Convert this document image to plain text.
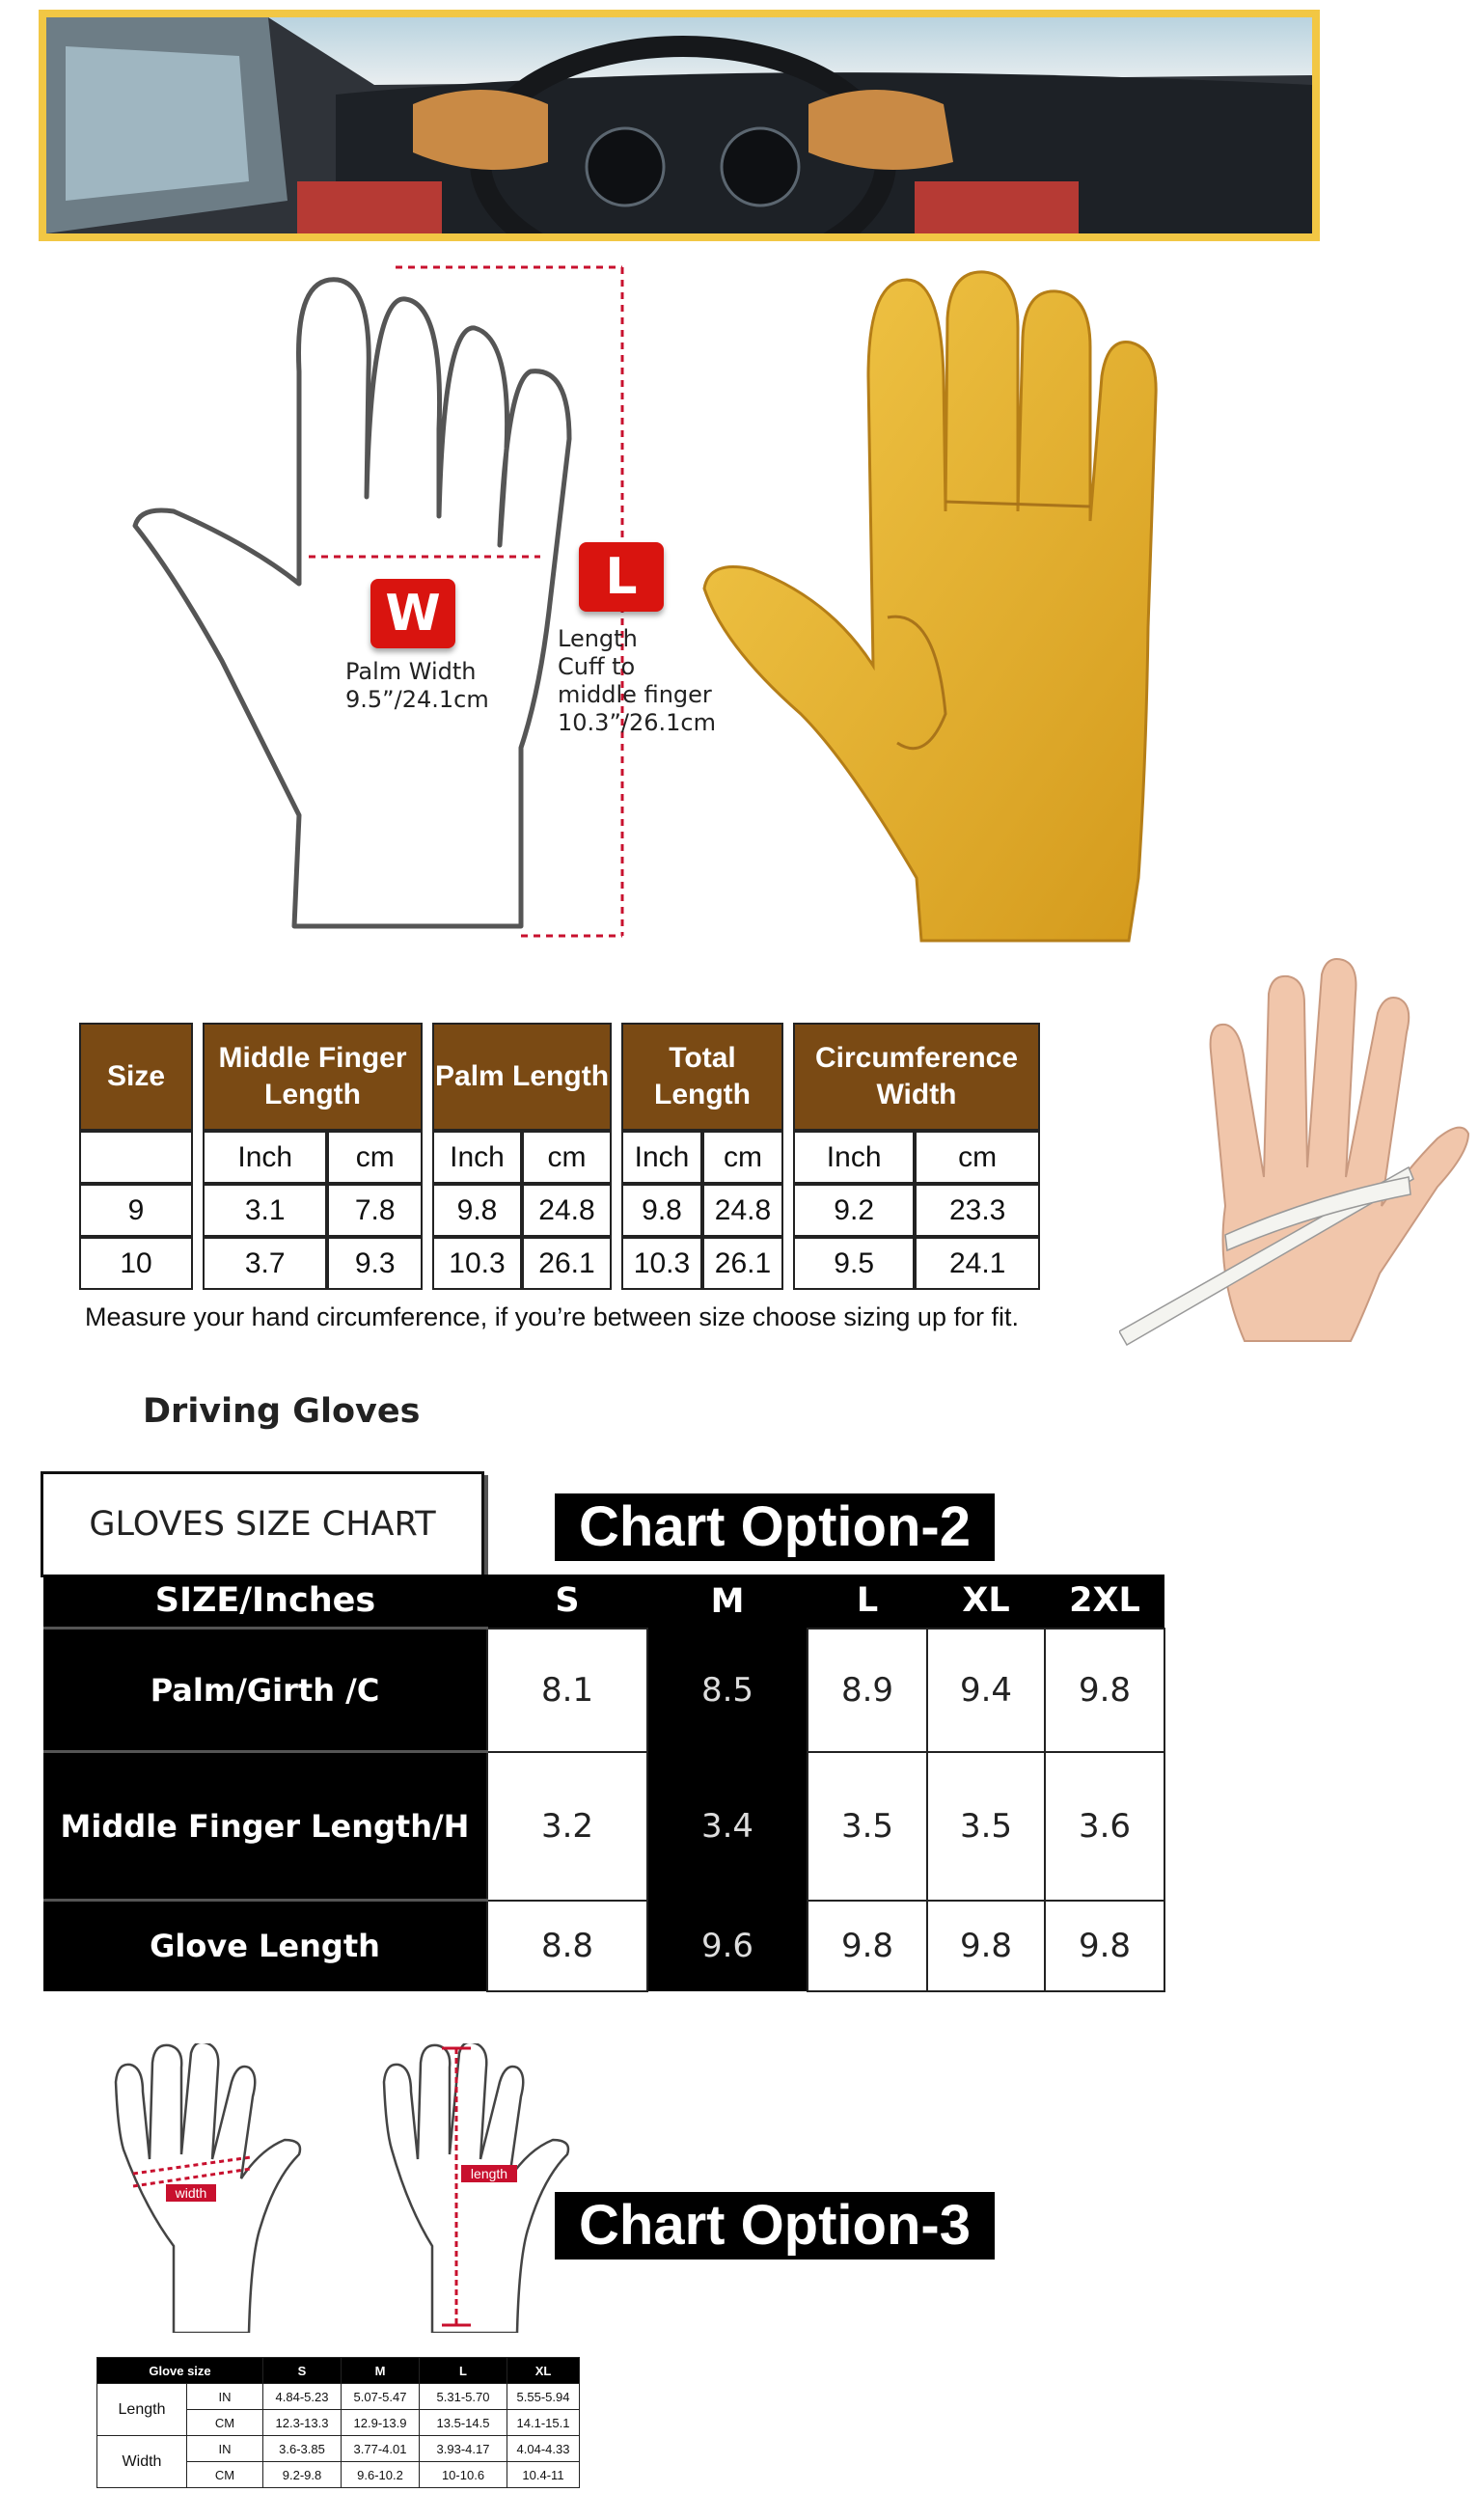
W
Palm Width
9.5”/24.1cm
L
Length
Cuff to
middle finger
10.3”/26.1cm
Size		Middle Finger Length			Palm Length			Total Length			Circumference Width	
		Inch	cm		Inch	cm		Inch	cm		Inch	cm
9		3.1	7.8		9.8	24.8		9.8	24.8		9.2	23.3
10		3.7	9.3		10.3	26.1		10.3	26.1		9.5	24.1
Measure your hand circumference, if you’re between size choose sizing up for fit.
Driving Gloves
GLOVES SIZE CHART	Chart Option-2
SIZE/Inches	S	M	L	XL	2XL
Palm/Girth /C	8.1	8.5	8.9	9.4	9.8
Middle Finger Length/H	3.2	3.4	3.5	3.5	3.6
Glove Length	8.8	9.6	9.8	9.8	9.8
width
length
Chart Option-3
Glove size		S	M	L	XL
Length	IN	4.84-5.23	5.07-5.47	5.31-5.70	5.55-5.94
	CM	12.3-13.3	12.9-13.9	13.5-14.5	14.1-15.1
Width	IN	3.6-3.85	3.77-4.01	3.93-4.17	4.04-4.33
	CM	9.2-9.8	9.6-10.2	10-10.6	10.4-11
